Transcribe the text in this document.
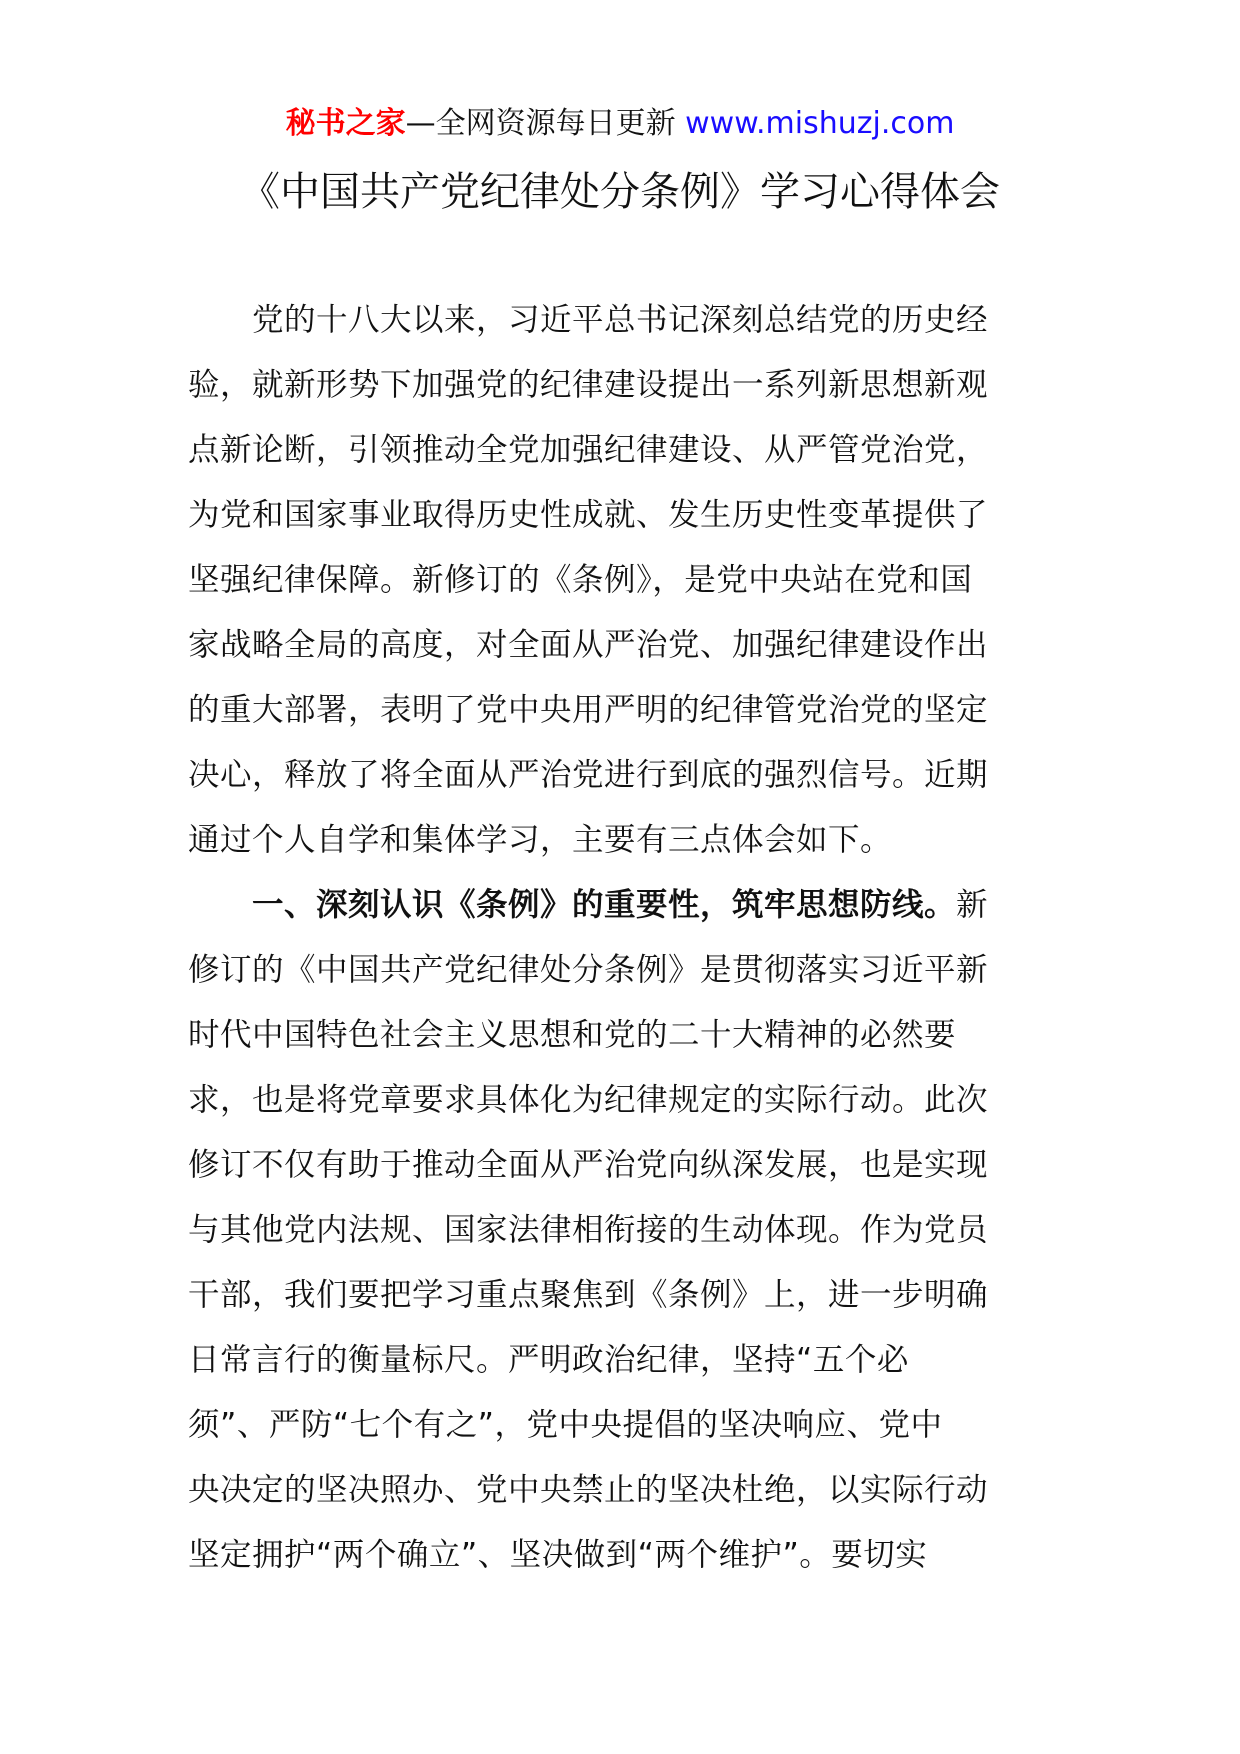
秘书之家—全网资源每日更新 www.mishuzj.com
《中国共产党纪律处分条例》学习心得体会
党的十八大以来，习近平总书记深刻总结党的历史经
验，就新形势下加强党的纪律建设提出一系列新思想新观
点新论断，引领推动全党加强纪律建设、从严管党治党，
为党和国家事业取得历史性成就、发生历史性变革提供了
坚强纪律保障。新修订的《条例》，是党中央站在党和国
家战略全局的高度，对全面从严治党、加强纪律建设作出
的重大部署，表明了党中央用严明的纪律管党治党的坚定
决心，释放了将全面从严治党进行到底的强烈信号。近期
通过个人自学和集体学习，主要有三点体会如下。
一、深刻认识《条例》的重要性，筑牢思想防线。新
修订的《中国共产党纪律处分条例》是贯彻落实习近平新
时代中国特色社会主义思想和党的二十大精神的必然要
求，也是将党章要求具体化为纪律规定的实际行动。此次
修订不仅有助于推动全面从严治党向纵深发展，也是实现
与其他党内法规、国家法律相衔接的生动体现。作为党员
干部，我们要把学习重点聚焦到《条例》上，进一步明确
日常言行的衡量标尺。严明政治纪律，坚持“五个必
须”、严防“七个有之”，党中央提倡的坚决响应、党中
央决定的坚决照办、党中央禁止的坚决杜绝，以实际行动
坚定拥护“两个确立”、坚决做到“两个维护”。要切实
